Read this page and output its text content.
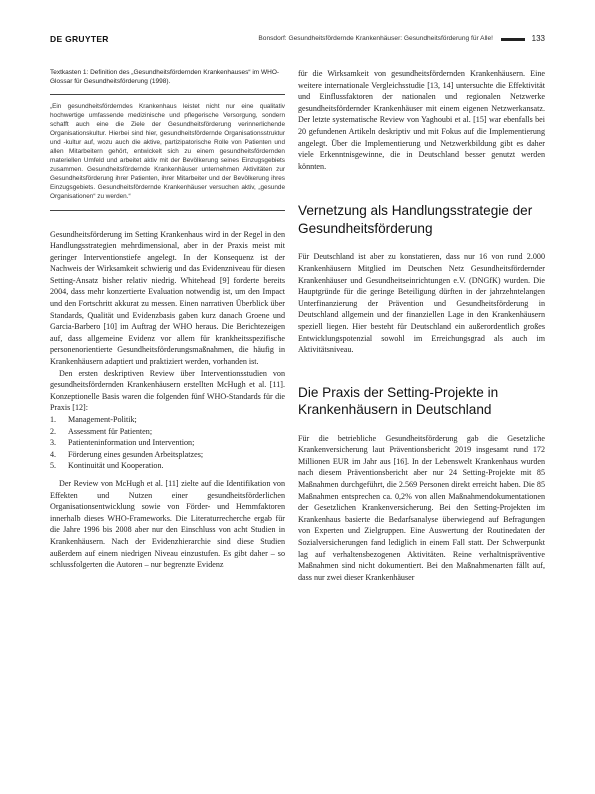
DE GRUYTER	Bonsdorf: Gesundheitsfördernde Krankenhäuser: Gesundheitsförderung für Alle!	133

Textkasten 1: Definition des „Gesundheitsfördernden Krankenhauses“ im WHO-Glossar für Gesundheitsförderung (1998).

„Ein gesundheitsförderndes Krankenhaus leistet nicht nur eine qualitativ hochwertige umfassende medizinische und pflegerische Versorgung, sondern schafft auch eine die Ziele der Gesundheitsförderung verinnerlichende Organisationskultur. Hierbei sind hier, gesundheitsfördernde Organisationsstruktur und -kultur auf, wozu auch die aktive, partizipatorische Rolle von Patienten und allen Mitarbeitern gehört, entwickelt sich zu einem gesundheitsfördernden materiellen Umfeld und arbeitet aktiv mit der Bevölkerung seines Einzugsgebiets zusammen. Gesundheitsfördernde Krankenhäuser unternehmen Aktivitäten zur Gesundheitsförderung ihrer Patienten, ihrer Mitarbeiter und der Bevölkerung ihres Einzugsgebiets. Gesundheitsfördernde Krankenhäuser versuchen aktiv, „gesunde Organisationen“ zu werden.“

Gesundheitsförderung im Setting Krankenhaus wird in der Regel in den Handlungsstrategien mehrdimensional, aber in der Praxis meist mit geringer Interventionstiefe angelegt. In der Konsequenz ist der Nachweis der Wirksamkeit schwierig und das Evidenzniveau für diesen Setting-Ansatz bisher relativ niedrig. Whitehead [9] forderte bereits 2004, dass mehr konzertierte Evaluation notwendig ist, um den Impact und den Fortschritt akkurat zu messen. Einen narrativen Überblick über Standards, Qualität und Evidenzbasis gaben kurz danach Groene und Garcia-Barbero [10] im Auftrag der WHO heraus. Die Berichtezeigen auf, dass allgemeine Evidenz vor allem für krankheitsspezifische personenorientierte Gesundheitsförderungsmaßnahmen, die häufig in Krankenhäusern adaptiert und praktiziert werden, vorhanden ist.

Den ersten deskriptiven Review über Interventionsstudien von gesundheitsfördernden Krankenhäusern erstellten McHugh et al. [11]. Konzeptionelle Basis waren die folgenden fünf WHO-Standards für die Praxis [12]:

1.	Management-Politik;
2.	Assessment für Patienten;
3.	Patienteninformation und Intervention;
4.	Förderung eines gesunden Arbeitsplatzes;
5.	Kontinuität und Kooperation.

Der Review von McHugh et al. [11] zielte auf die Identifikation von Effekten und Nutzen einer gesundheitsförderlichen Organisationsentwicklung sowie von Förder- und Hemmfaktoren innerhalb dieses WHO-Frameworks. Die Literaturrecherche ergab für die Jahre 1996 bis 2008 aber nur den Einschluss von acht Studien in Krankenhäusern. Nach der Evidenzhierarchie sind diese Studien außerdem auf einem niedrigen Niveau einzustufen. Es gibt daher – so schlussfolgerten die Autoren – nur begrenzte Evidenz

für die Wirksamkeit von gesundheitsfördernden Krankenhäusern. Eine weitere internationale Vergleichsstudie [13, 14] untersuchte die Effektivität und Einflussfaktoren der nationalen und regionalen Netzwerke gesundheitsfördernder Krankenhäuser mit einem eigenen Netzwerkansatz. Der letzte systematische Review von Yaghoubi et al. [15] war ebenfalls bei 20 gefundenen Artikeln deskriptiv und mit Fokus auf die Implementierung angelegt. Über die Implementierung und Netzwerkbildung gibt es daher viele Erkenntnisgewinne, die in Deutschland besser genutzt werden könnten.

Vernetzung als Handlungsstrategie der Gesundheitsförderung

Für Deutschland ist aber zu konstatieren, dass nur 16 von rund 2.000 Krankenhäusern Mitglied im Deutschen Netz Gesundheitsfördernder Krankenhäuser und Gesundheitseinrichtungen e.V. (DNGfK) wurden. Die Hauptgründe für die geringe Beteiligung dürften in der jahrzehntelangen Unterfinanzierung der Prävention und Gesundheitsförderung in Deutschland allgemein und der finanziellen Lage in den Krankenhäusern speziell liegen. Hier besteht für Deutschland ein außerordentlich großes Entwicklungspotenzial sowohl im Erreichungsgrad als auch im Aktivitätsniveau.

Die Praxis der Setting-Projekte in Krankenhäusern in Deutschland

Für die betriebliche Gesundheitsförderung gab die Gesetzliche Krankenversicherung laut Präventionsbericht 2019 insgesamt rund 172 Millionen EUR im Jahr aus [16]. In der Lebenswelt Krankenhaus wurden nach diesem Präventionsbericht aber nur 24 Setting-Projekte mit 85 Maßnahmen durchgeführt, die 2.569 Personen direkt erreicht haben. Die 85 Maßnahmen entsprechen ca. 0,2% von allen Maßnahmendokumentationen der Gesetzlichen Krankenversicherung. Bei den Setting-Projekten im Krankenhaus basierte die Bedarfsanalyse überwiegend auf Befragungen von Experten und Zielgruppen. Eine Auswertung der Routinedaten der Sozialversicherungen fand lediglich in einem Fall statt. Der Schwerpunkt lag auf verhaltensbezogenen Aktivitäten. Reine verhaltnispräventive Maßnahmen sind nicht dokumentiert. Bei den Maßnahmenarten fällt auf, dass nur zwei dieser Krankenhäuser
